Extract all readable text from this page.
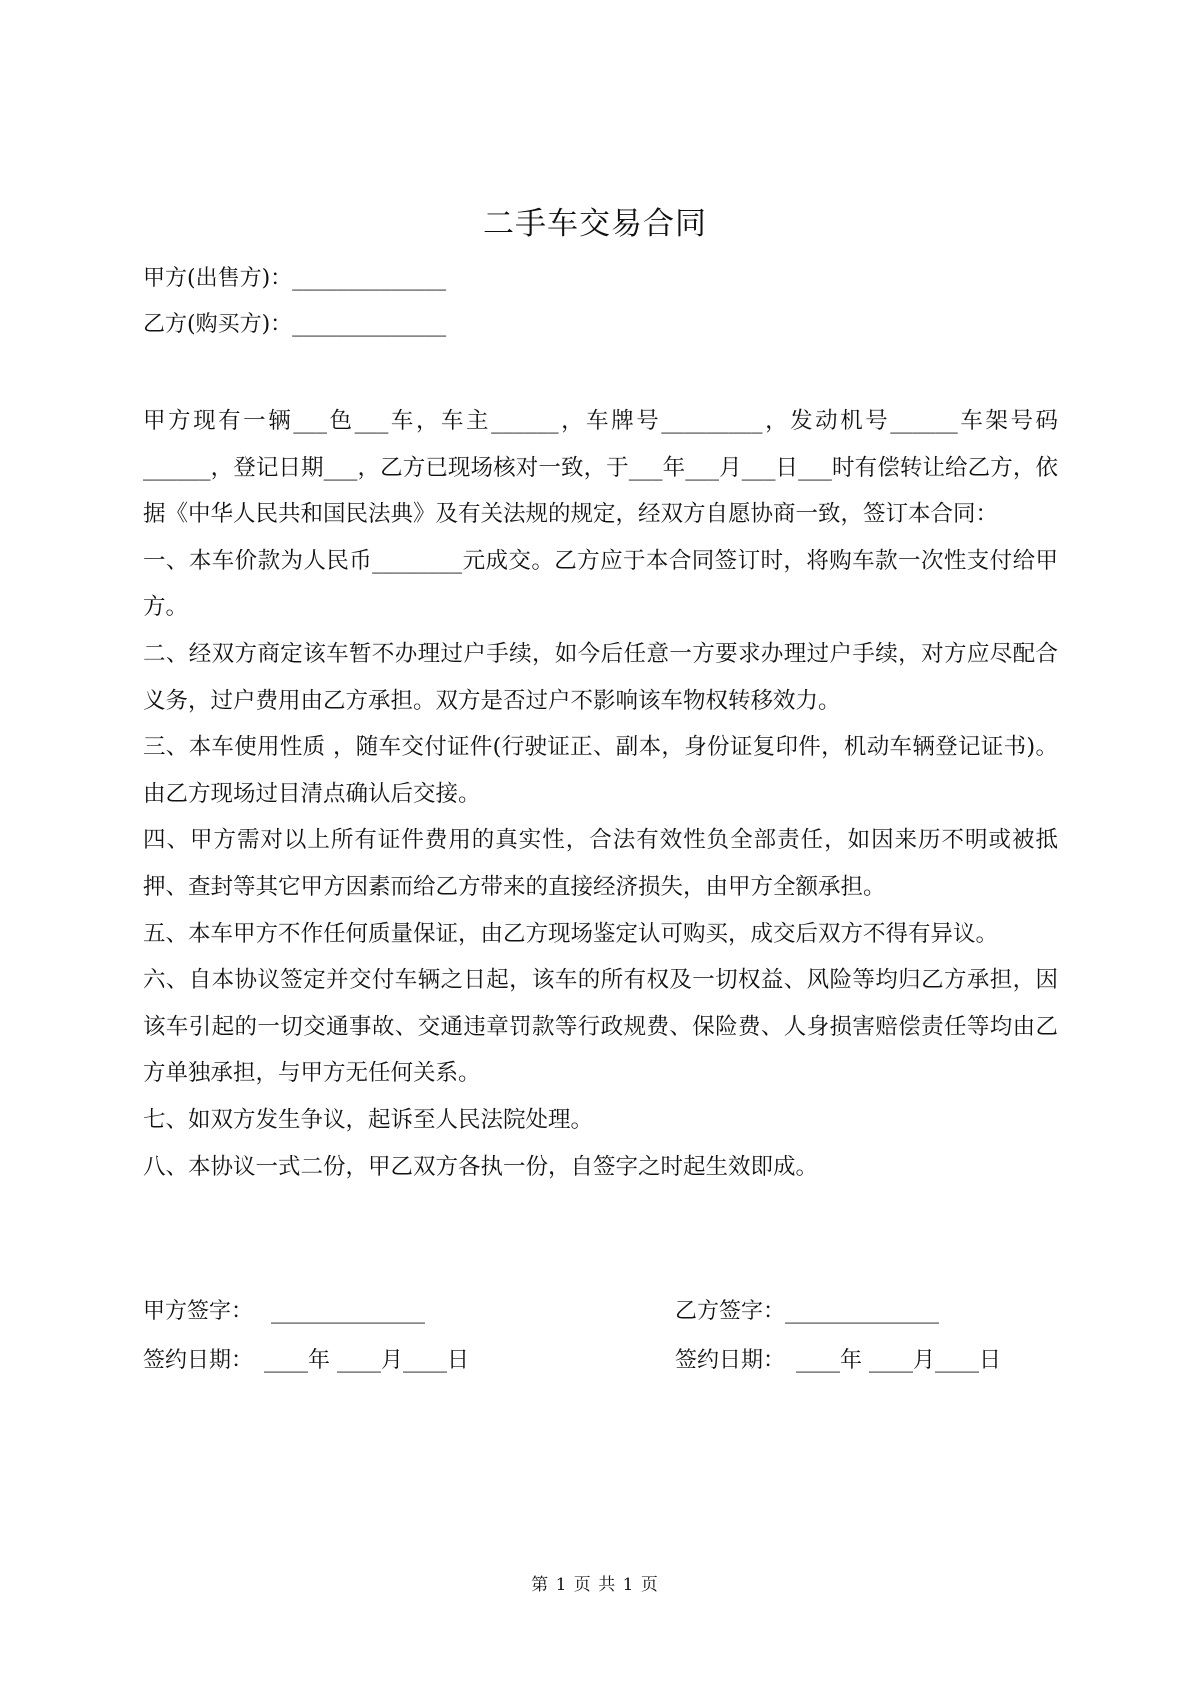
二手车交易合同
甲方(出售方)：______________
乙方(购买方)：______________

甲方现有一辆___色___车，车主______，车牌号_________，发动机号______车架号码______，登记日期___，乙方已现场核对一致，于___年___月___日___时有偿转让给乙方，依据《中华人民共和国民法典》及有关法规的规定，经双方自愿协商一致，签订本合同：

一、本车价款为人民币________元成交。乙方应于本合同签订时，将购车款一次性支付给甲方。

二、经双方商定该车暂不办理过户手续，如今后任意一方要求办理过户手续，对方应尽配合义务，过户费用由乙方承担。双方是否过户不影响该车物权转移效力。

三、本车使用性质 ，随车交付证件(行驶证正、副本，身份证复印件，机动车辆登记证书)。由乙方现场过目清点确认后交接。

四、甲方需对以上所有证件费用的真实性，合法有效性负全部责任，如因来历不明或被抵押、查封等其它甲方因素而给乙方带来的直接经济损失，由甲方全额承担。

五、本车甲方不作任何质量保证，由乙方现场鉴定认可购买，成交后双方不得有异议。

六、自本协议签定并交付车辆之日起，该车的所有权及一切权益、风险等均归乙方承担，因该车引起的一切交通事故、交通违章罚款等行政规费、保险费、人身损害赔偿责任等均由乙方单独承担，与甲方无任何关系。

七、如双方发生争议，起诉至人民法院处理。

八、本协议一式二份，甲乙双方各执一份，自签字之时起生效即成。

甲方签字：　 ______________	乙方签字：______________
签约日期：　____年 ____月____日	签约日期：　____年 ____月____日
第 1 页 共 1 页
